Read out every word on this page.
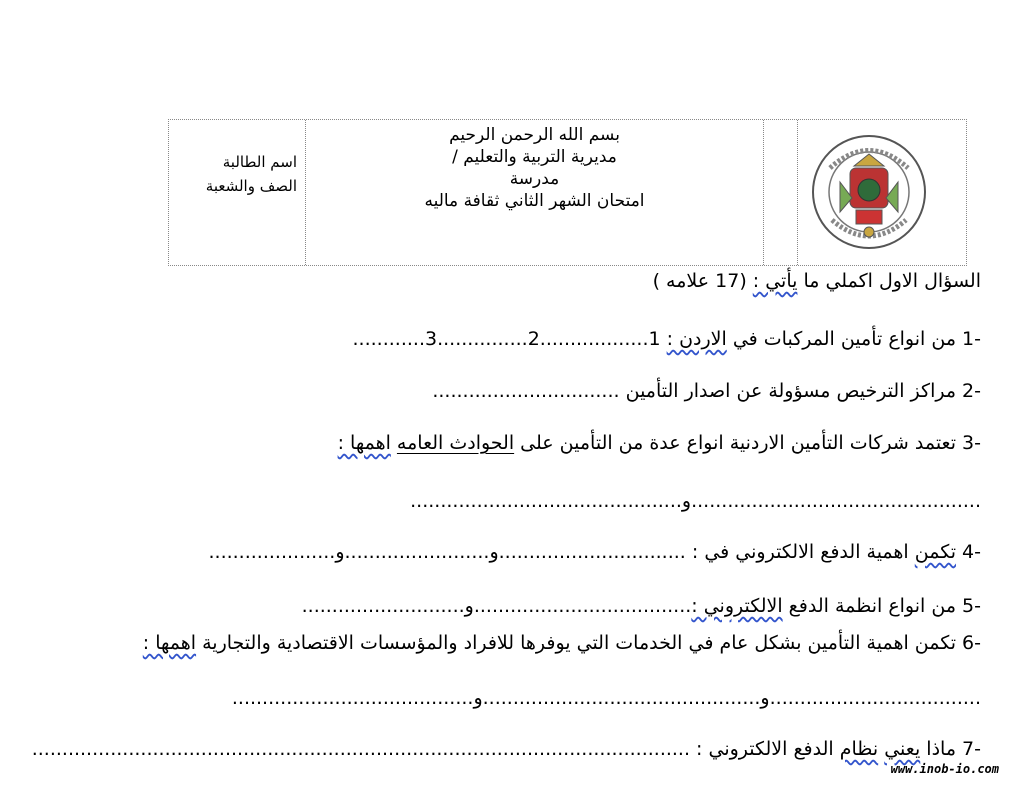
اسم الطالبة
الصف والشعبة
بسم الله الرحمن الرحيم
مديرية التربية والتعليم /
مدرسة
امتحان الشهر الثاني ثقافة ماليه
السؤال الاول اكملي ما يأتي : (17 علامه )
-1 من انواع تأمين المركبات في الاردن : 1..................2...............3............
-2 مراكز الترخيص مسؤولة عن اصدار التأمين ...............................
-3 تعتمد شركات التأمين الاردنية انواع عدة من التأمين على الحوادث العامه اهمها :
................................................و.............................................
-4 تكمن اهمية الدفع الالكتروني في : ...............................و........................و.....................
-5 من انواع انظمة الدفع الالكتروني :....................................و...........................
-6 تكمن اهمية التأمين بشكل عام في الخدمات التي يوفرها للافراد والمؤسسات الاقتصادية والتجارية اهمها :
...................................و..............................................و........................................
-7 ماذا يعني نظام الدفع الالكتروني : .............................................................................................................
www.inob-io.com
